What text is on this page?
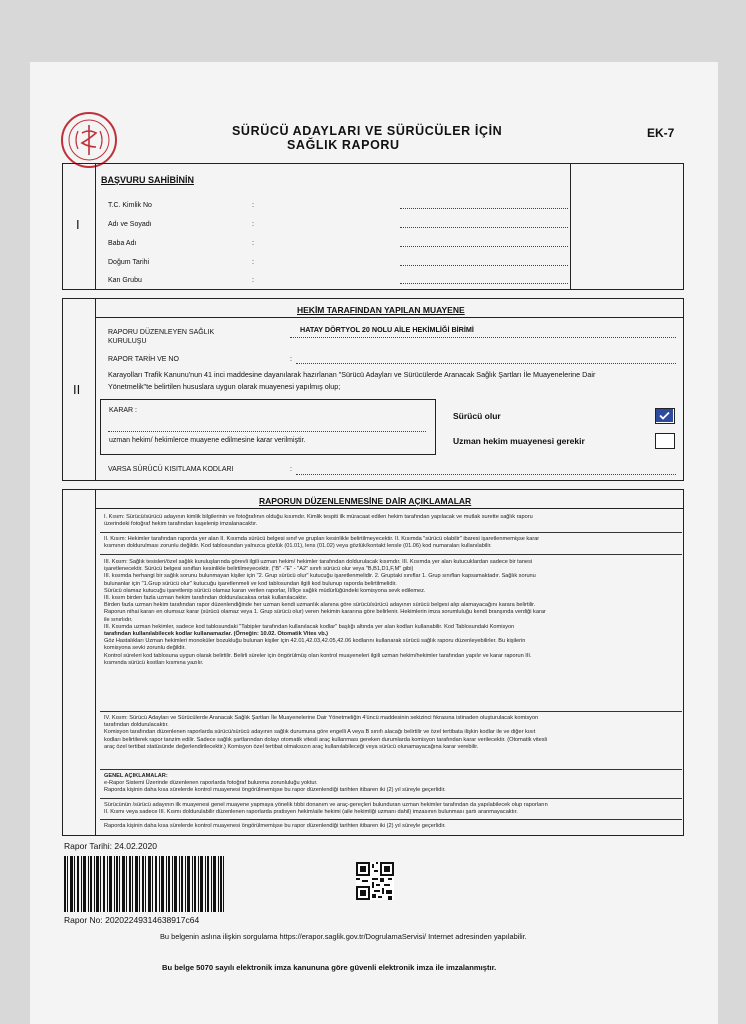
SÜRÜCÜ ADAYLARI VE SÜRÜCÜLER İÇİN
SAĞLIK RAPORU
EK-7
I
BAŞVURU SAHİBİNİN
T.C. Kimlik No	:
Adı ve Soyadı	:
Baba Adı	:
Doğum Tarihi	:
Kan Grubu	:
II
HEKİM TARAFINDAN YAPILAN MUAYENE
RAPORU DÜZENLEYEN SAĞLIK
KURULUŞU
HATAY DÖRTYOL 20 NOLU AİLE HEKİMLİĞİ BİRİMİ
RAPOR TARİH VE NO	:
Karayolları Trafik Kanunu'nun 41 inci maddesine dayanılarak hazırlanan "Sürücü Adayları ve Sürücülerde Aranacak Sağlık Şartları İle Muayenelerine Dair
Yönetmelik"te belirtilen hususlara uygun olarak muayenesi yapılmış olup;
KARAR :
uzman hekim/ hekimlerce muayene edilmesine karar verilmiştir.
Sürücü olur
Uzman hekim muayenesi gerekir
VARSA SÜRÜCÜ KISITLAMA KODLARI	:
RAPORUN DÜZENLENMESİNE DAİR AÇIKLAMALAR
I. Kısım: Sürücü/sürücü adayının kimlik bilgilerinin ve fotoğrafının olduğu kısımdır. Kimlik tespiti ilk müracaat edilen hekim tarafından yapılacak ve mutlak surette sağlık raporu
üzerindeki fotoğraf hekim tarafından kaşelenip imzalanacaktır.
II. Kısım: Hekimler tarafından raporda yer alan II. Kısımda sürücü belgesi sınıf ve grupları kesinlikle belirtilmeyecektir. II. Kısımda "sürücü olabilir" ibaresi işaretlenmemişse karar
kısmının doldurulması zorunlu değildir. Kod tablosundan yalnızca gözlük (01.01), lens (01.02) veya gözlük/kontakt lensle (01.06) kod numaraları kullanılabilir.
III. Kısım: Sağlık tesisleri/özel sağlık kuruluşlarında görevli ilgili uzman hekim/ hekimler tarafından doldurulacak kısımdır. III. Kısımda yer alan kutucuklardan sadece bir tanesi
işaretlenecektir. Sürücü belgesi sınıfları kesinlikle belirtilmeyecektir. ("B" -"E" - "A2" sınıfı sürücü olur veya "B,B1,D1,F,M" gibi)
III. kısımda herhangi bir sağlık sorunu bulunmayan kişiler için "2. Grup sürücü olur" kutucuğu işaretlenmelidir. 2. Gruptaki sınıflar 1. Grup sınıfları kapsamaktadır. Sağlık sorunu
bulunanlar için "1.Grup sürücü olur" kutucuğu işaretlenmeli ve kod tablosundan ilgili kod bulunup raporda belirtilmelidir.
Sürücü olamaz kutucuğu işaretlenip sürücü olamaz kararı verilen raporlar, İl/İlçe sağlık müdürlüğündeki komisyona sevk edilemez.
III. kısım birden fazla uzman hekim tarafından doldurulacaksa ortak kullanılacaktır.
Birden fazla uzman hekim tarafından rapor düzenlendiğinde her uzman kendi uzmanlık alanına göre sürücü/sürücü adayının sürücü belgesi alıp alamayacağını karara belirtilir.
Raporun nihai kararı en olumsuz karar (sürücü olamaz veya 1. Grup sürücü olur) veren hekimin kararına göre belirlenir. Hekimlerin imza sorumluluğu kendi branşında verdiği karar
ile sınırlıdır.
III. Kısımda uzman hekimler, sadece kod tablosundaki "Tabipler tarafından kullanılacak kodlar" başlığı altında yer alan kodları kullanabilir. Kod Tablosundaki Komisyon
tarafından kullanılabilecek kodlar kullanamazlar. (Örneğin: 10.02. Otomatik Vites vb.)
Göz Hastalıkları Uzman hekimleri monoküler bozukluğu bulunan kişiler için 42.01,42.03,42.05,42.06 kodlarını kullanarak sürücü sağlık raporu düzenleyebilirler. Bu kişilerin
komisyona sevki zorunlu değildir.
Kontrol süreleri kod tablosuna uygun olarak belirtilir. Belirli süreler için öngörülmüş olan kontrol muayeneleri ilgili uzman hekim/hekimler tarafından yapılır ve karar raporun III.
kısmında sürücü kısıtları kısmına yazılır.
IV. Kısım: Sürücü Adayları ve Sürücülerde Aranacak Sağlık Şartları İle Muayenelerine Dair Yönetmeliğin 4'üncü maddesinin sekizinci fıkrasına istinaden oluşturulacak komisyon
tarafından doldurulacaktır.
Komisyon tarafından düzenlenen raporlarda sürücü/sürücü adayının sağlık durumuna göre engelli A veya B sınıfı alacağı belirtilir ve özel tertibata ilişkin kodlar ile ve diğer kısıt
kodları belirtilerek rapor tanzim edilir. Sadece sağlık şartlarından dolayı otomatik vitesli araç kullanması gereken durumlarda komisyon tarafından karar verilecektir. (Otomatik vitesli
araç özel tertibat statüsünde değerlendirilecektir.) Komisyon özel tertibat olmaksızın araç kullanılabileceği veya sürücü olunamayacağına karar verebilir.
GENEL AÇIKLAMALAR:
e-Rapor Sistemi Üzerinde düzenlenen raporlarda fotoğraf bulunma zorunluluğu yoktur.
Raporda kişinin daha kısa sürelerde kontrol muayenesi öngörülmemişse bu rapor düzenlendiği tarihten itibaren iki (2) yıl süreyle geçerlidir.
Sürücünün /sürücü adayının ilk muayenesi genel muayene yapmaya yönelik tıbbi donanım ve araç-gereçleri bulunduran uzman hekimler tarafından da yapılabilecek olup raporların
II. Kısmı veya sadece III. Kısmı doldurulabilir düzenlenen raporlarda pratisyen hekim/aile hekimi (aile hekimliği uzmanı dahil) imzasının bulunması şartı aranmayacaktır.
Raporda kişinin daha kısa sürelerde kontrol muayenesi öngörülmemişse bu rapor düzenlendiği tarihten itibaren iki (2) yıl süreyle geçerlidir.
Rapor Tarihi: 24.02.2020
Rapor No: 20202249314638917c64
Bu belgenin aslına ilişkin sorgulama https://erapor.saglik.gov.tr/DogrulamaServisi/ Internet adresinden yapılabilir.
Bu belge 5070 sayılı elektronik imza kanununa göre güvenli elektronik imza ile imzalanmıştır.
